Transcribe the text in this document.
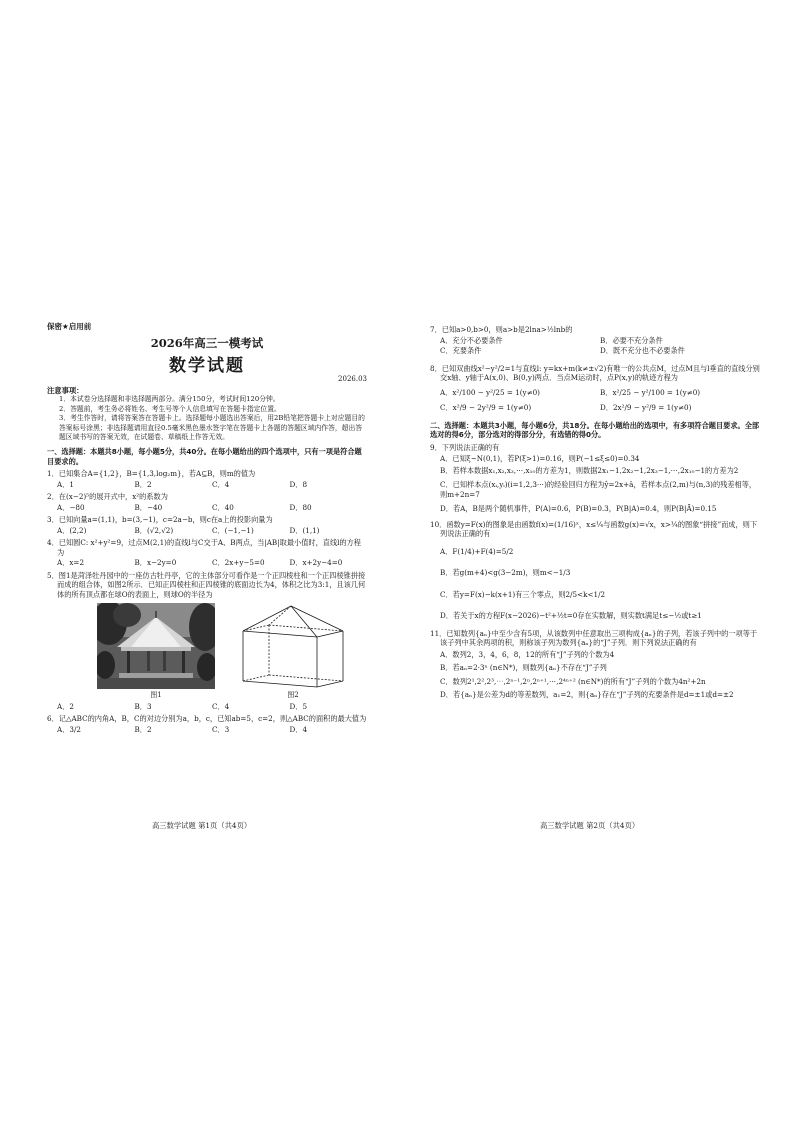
保密★启用前
2026年高三一模考试
数学试题
2026.03
注意事项：
1．本试卷分选择题和非选择题两部分。满分150分，考试时间120分钟。
2．答题前，考生务必将姓名、考生号等个人信息填写在答题卡指定位置。
3．考生作答时，请将答案答在答题卡上。选择题每小题选出答案后，用2B铅笔把答题卡上对应题目的答案标号涂黑；非选择题请用直径0.5毫米黑色墨水签字笔在答题卡上各题的答题区域内作答，超出答题区域书写的答案无效，在试题卷、草稿纸上作答无效。
一、选择题：本题共8小题，每小题5分，共40分。在每小题给出的四个选项中，只有一项是符合题目要求的。
1．已知集合A={1,2}，B={1,3,log₂m}，若A⊆B，则m的值为
A．1	B．2	C．4	D．8
2．在(x−2)⁵的展开式中，x²的系数为
A．−80	B．−40	C．40	D．80
3．已知向量a=(1,1)，b=(3,−1)，c=2a−b，则c在a上的投影向量为
A．(2,2)	B．(√2,√2)	C．(−1,−1)	D．(1,1)
4．已知圆C: x²+y²=9，过点M(2,1)的直线l与C交于A、B两点，当|AB|取最小值时，直线l的方程为
A．x=2	B．x−2y=0	C．2x+y−5=0	D．x+2y−4=0
5．图1是菏泽牡丹园中的一座仿古牡丹亭，它的主体部分可看作是一个正四棱柱和一个正四棱锥拼接而成的组合体，如图2所示．已知正四棱柱和正四棱锥的底面边长为4，体积之比为3:1，且该几何体的所有顶点都在球O的表面上，则球O的半径为
图1	图2
A．2	B．3	C．4	D．5
6．记△ABC的内角A，B，C的对边分别为a，b，c，已知ab=5，c=2，则△ABC的面积的最大值为
A．3/2	B．2	C．3	D．4
高三数学试题 第1页（共4页）
7．已知a>0,b>0，则a>b是2lna>½lnb的
A．充分不必要条件	B．必要不充分条件
C．充要条件	D．既不充分也不必要条件
8．已知双曲线x²−y²/2=1与直线l: y=kx+m(k≠±√2)有唯一的公共点M，过点M且与l垂直的直线分别交x轴、y轴于A(x,0)、B(0,y)两点．当点M运动时，点P(x,y)的轨迹方程为
A．x²/100 − y²/25 = 1(y≠0)	B．x²/25 − y²/100 = 1(y≠0)
C．x²/9 − 2y²/9 = 1(y≠0)	D．2x²/9 − y²/9 = 1(y≠0)
二、选择题：本题共3小题，每小题6分，共18分。在每小题给出的选项中，有多项符合题目要求。全部选对的得6分，部分选对的得部分分，有选错的得0分。
9．下列说法正确的有
A．已知ξ~N(0,1)，若P(ξ>1)=0.16，则P(−1≤ξ≤0)=0.34
B．若样本数据x₁,x₂,x₃,⋯,x₁₀的方差为1，则数据2x₁−1,2x₂−1,2x₃−1,⋯,2x₁₀−1的方差为2
C．已知样本点(xᵢ,yᵢ)(i=1,2,3⋯)的经验回归方程为ŷ=2x+â，若样本点(2,m)与(n,3)的残差相等，则m+2n=7
D．若A，B是两个随机事件，P(A)=0.6，P(B)=0.3，P(B|A)=0.4，则P(B|Ā)=0.15
10．函数y=F(x)的图象是由函数f(x)=(1/16)ˣ，x≤¼与函数g(x)=√x，x>¼的图象“拼接”而成，则下列说法正确的有
A．F(1/4)+F(4)=5/2
B．若g(m+4)<g(3−2m)，则m<−1/3
C．若y=F(x)−k(x+1)有三个零点，则2/5<k<1/2
D．若关于x的方程F(x−2026)−t²+½t=0存在实数解，则实数t满足t≤−½或t≥1
11．已知数列{aₙ}中至少含有5项，从该数列中任意取出三项构成{aₙ}的子列，若该子列中的一项等于该子列中其余两项的积，则称该子列为数列{aₙ}的“J”子列．则下列说法正确的有
A．数列2，3，4，6，8，12的所有“J”子列的个数为4
B．若aₙ=2·3ⁿ (n∈N*)，则数列{aₙ}不存在“J”子列
C．数列2¹,2²,2³,⋯,2ⁿ⁻¹,2ⁿ,2ⁿ⁺¹,⋯,2⁴ⁿ⁺² (n∈N*)的所有“J”子列的个数为4n²+2n
D．若{aₙ}是公差为d的等差数列，a₁=2，则{aₙ}存在“J”子列的充要条件是d=±1或d=±2
高三数学试题 第2页（共4页）
